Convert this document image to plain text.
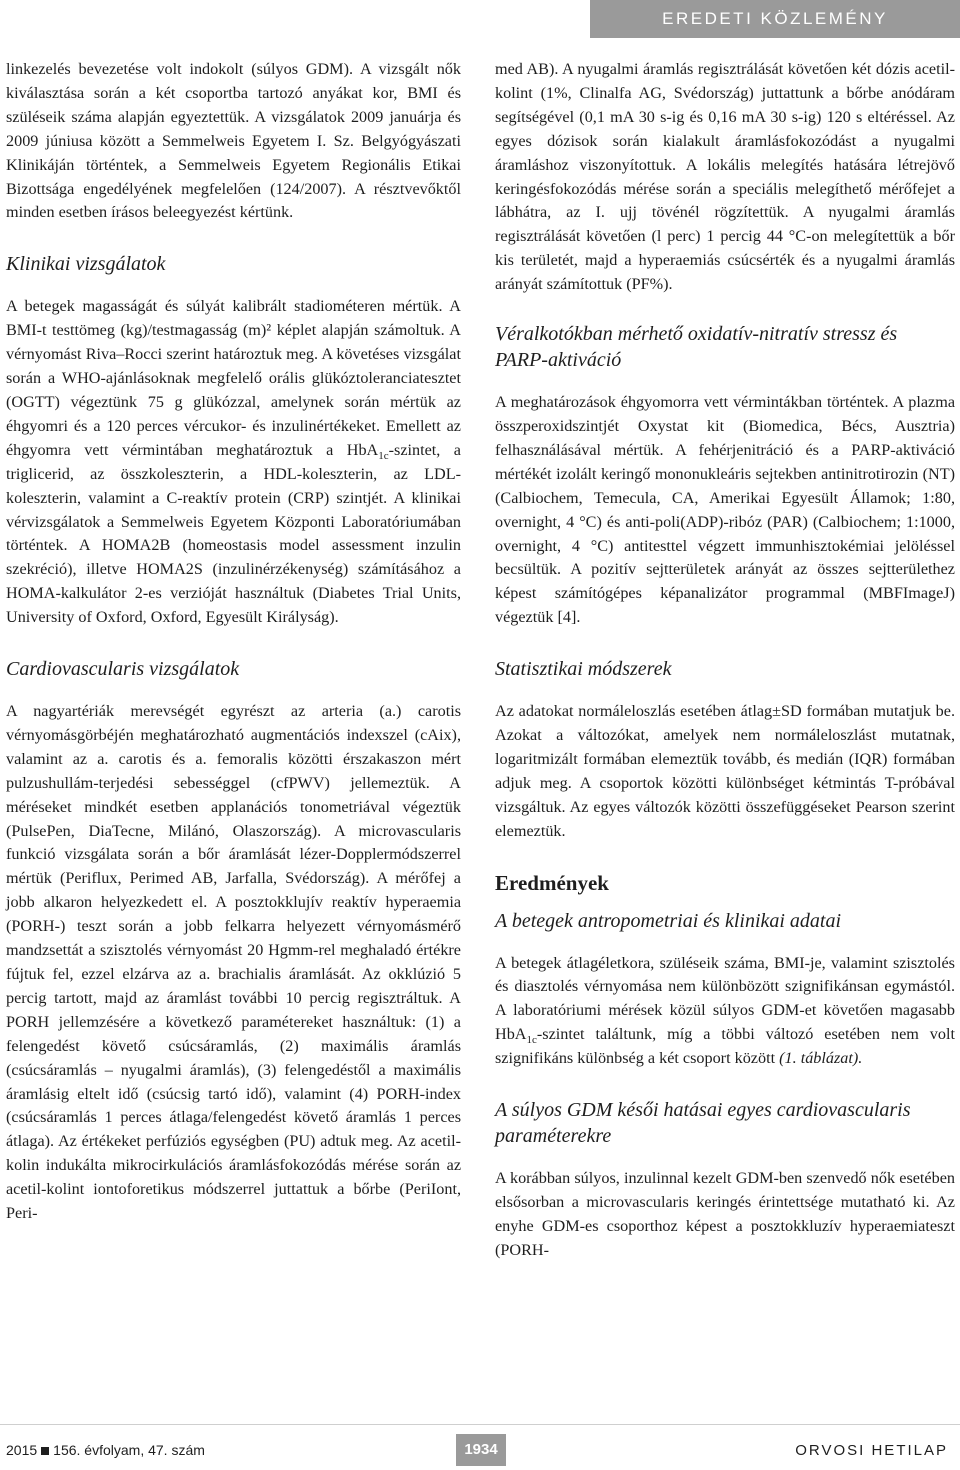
EREDETI KÖZLEMÉNY

linkezelés bevezetése volt indokolt (súlyos GDM). A vizsgált nők kiválasztása során a két csoportba tartozó anyákat kor, BMI és szüléseik száma alapján egyeztettük. A vizsgálatok 2009 januárja és 2009 júniusa között a Semmelweis Egyetem I. Sz. Belgyógyászati Klinikáján történtek, a Semmelweis Egyetem Regionális Etikai Bizottsága engedélyének megfelelően (124/2007). A résztvevőktől minden esetben írásos beleegyezést kértünk.

Klinikai vizsgálatok

A betegek magasságát és súlyát kalibrált stadiométeren mértük. A BMI-t testtömeg (kg)/testmagasság (m)² képlet alapján számoltuk. A vérnyomást Riva–Rocci szerint határoztuk meg. A követéses vizsgálat során a WHO-ajánlásoknak megfelelő orális glükóztoleranciatesztet (OGTT) végeztünk 75 g glükózzal, amelynek során mértük az éhgyomri és a 120 perces vércukor- és inzulinértékeket. Emellett az éhgyomra vett vérmintában meghatároztuk a HbA$_{1c}$-szintet, a triglicerid, az összkoleszterin, a HDL-koleszterin, az LDL-koleszterin, valamint a C-reaktív protein (CRP) szintjét. A klinikai vérvizsgálatok a Semmelweis Egyetem Központi Laboratóriumában történtek. A HOMA2B (homeostasis model assessment inzulin szekréció), illetve HOMA2S (inzulinérzékenység) számításához a HOMA-kalkulátor 2-es verzióját használtuk (Diabetes Trial Units, University of Oxford, Oxford, Egyesült Királyság).

Cardiovascularis vizsgálatok

A nagyartériák merevségét egyrészt az arteria (a.) carotis vérnyomásgörbéjén meghatározható augmentációs indexszel (cAix), valamint az a. carotis és a. femoralis közötti érszakaszon mért pulzushullám-terjedési sebességgel (cfPWV) jellemeztük. A méréseket mindkét esetben applanációs tonometriával végeztük (PulsePen, DiaTecne, Milánó, Olaszország). A microvascularis funkció vizsgálata során a bőr áramlását lézer-Dopplermódszerrel mértük (Periflux, Perimed AB, Jarfalla, Svédország). A mérőfej a jobb alkaron helyezkedett el. A posztokklujív reaktív hyperaemia (PORH-) teszt során a jobb felkarra helyezett vérnyomásmérő mandzsettát a szisztolés vérnyomást 20 Hgmm-rel meghaladó értékre fújtuk fel, ezzel elzárva az a. brachialis áramlását. Az okklúzió 5 percig tartott, majd az áramlást további 10 percig regisztráltuk. A PORH jellemzésére a következő paramétereket használtuk: (1) a felengedést követő csúcsáramlás, (2) maximális áramlás (csúcsáramlás – nyugalmi áramlás), (3) felengedéstől a maximális áramlásig eltelt idő (csúcsig tartó idő), valamint (4) PORH-index (csúcsáramlás 1 perces átlaga/felengedést követő áramlás 1 perces átlaga). Az értékeket perfúziós egységben (PU) adtuk meg. Az acetil-kolin indukálta mikrocirkulációs áramlásfokozódás mérése során az acetil-kolint iontoforetikus módszerrel juttattuk a bőrbe (PeriIont, Peri-

med AB). A nyugalmi áramlás regisztrálását követően két dózis acetil-kolint (1%, Clinalfa AG, Svédország) juttattunk a bőrbe anódáram segítségével (0,1 mA 30 s-ig és 0,16 mA 30 s-ig) 120 s eltéréssel. Az egyes dózisok során kialakult áramlásfokozódást a nyugalmi áramláshoz viszonyítottuk. A lokális melegítés hatására létrejövő keringésfokozódás mérése során a speciális melegíthető mérőfejet a lábhátra, az I. ujj tövénél rögzítettük. A nyugalmi áramlás regisztrálását követően (l perc) 1 percig 44 °C-on melegítettük a bőr kis területét, majd a hyperaemiás csúcsérték és a nyugalmi áramlás arányát számítottuk (PF%).

Véralkotókban mérhető oxidatív-nitratív stressz és PARP-aktiváció

A meghatározások éhgyomorra vett vérmintákban történtek. A plazma összperoxidszintjét Oxystat kit (Biomedica, Bécs, Ausztria) felhasználásával mértük. A fehérjenitráció és a PARP-aktiváció mértékét izolált keringő mononukleáris sejtekben antinitrotirozin (NT) (Calbiochem, Temecula, CA, Amerikai Egyesült Államok; 1:80, overnight, 4 °C) és anti-poli(ADP)-ribóz (PAR) (Calbiochem; 1:1000, overnight, 4 °C) antitesttel végzett immunhisztokémiai jelöléssel becsültük. A pozitív sejtterületek arányát az összes sejtterülethez képest számítógépes képanalizátor programmal (MBFImageJ) végeztük [4].

Statisztikai módszerek

Az adatokat normáleloszlás esetében átlag±SD formában mutatjuk be. Azokat a változókat, amelyek nem normáleloszlást mutatnak, logaritmizált formában elemeztük tovább, és medián (IQR) formában adjuk meg. A csoportok közötti különbséget kétmintás T-próbával vizsgáltuk. Az egyes változók közötti összefüggéseket Pearson szerint elemeztük.

Eredmények
A betegek antropometriai és klinikai adatai

A betegek átlagéletkora, szüléseik száma, BMI-je, valamint szisztolés és diasztolés vérnyomása nem különbözött szignifikánsan egymástól. A laboratóriumi mérések közül súlyos GDM-et követően magasabb HbA$_{1c}$-szintet találtunk, míg a többi változó esetében nem volt szignifikáns különbség a két csoport között (1. táblázat).

A súlyos GDM késői hatásai egyes cardiovascularis paraméterekre

A korábban súlyos, inzulinnal kezelt GDM-ben szenvedő nők esetében elsősorban a microvascularis keringés érintettsége mutatható ki. Az enyhe GDM-es csoporthoz képest a posztokkluzív hyperaemiateszt (PORH-

2015 156. évfolyam, 47. szám	1934	ORVOSI HETILAP
